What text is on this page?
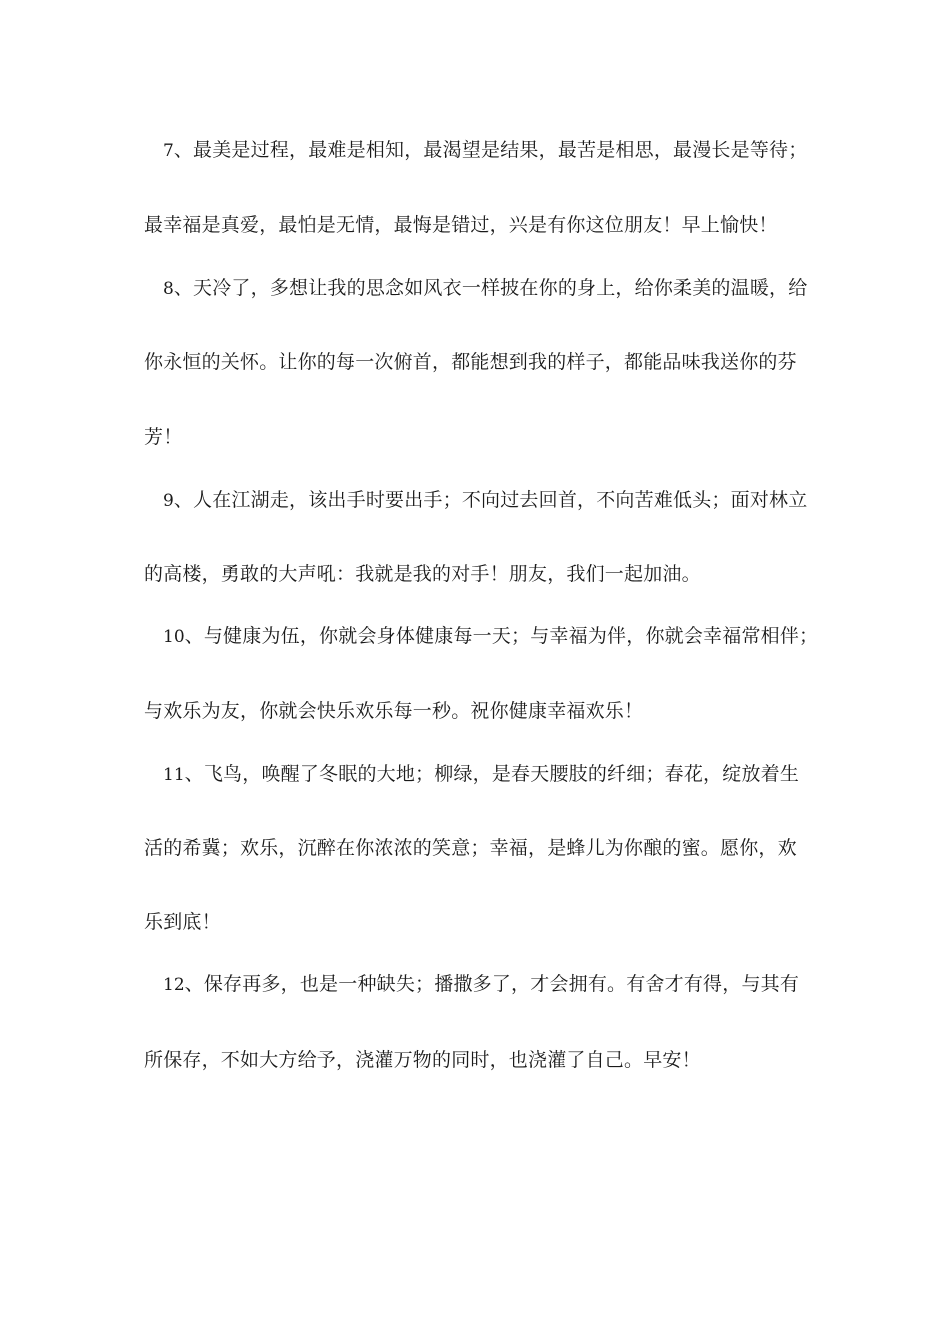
7、最美是过程，最难是相知，最渴望是结果，最苦是相思，最漫长是等待；
最幸福是真爱，最怕是无情，最悔是错过，兴是有你这位朋友！早上愉快！
8、天冷了，多想让我的思念如风衣一样披在你的身上，给你柔美的温暖，给
你永恒的关怀。让你的每一次俯首，都能想到我的样子，都能品味我送你的芬
芳！
9、人在江湖走，该出手时要出手；不向过去回首，不向苦难低头；面对林立
的高楼，勇敢的大声吼：我就是我的对手！朋友，我们一起加油。
10、与健康为伍，你就会身体健康每一天；与幸福为伴，你就会幸福常相伴；
与欢乐为友，你就会快乐欢乐每一秒。祝你健康幸福欢乐！
11、飞鸟，唤醒了冬眠的大地；柳绿，是春天腰肢的纤细；春花，绽放着生
活的希冀；欢乐，沉醉在你浓浓的笑意；幸福，是蜂儿为你酿的蜜。愿你，欢
乐到底！
12、保存再多，也是一种缺失；播撒多了，才会拥有。有舍才有得，与其有
所保存，不如大方给予，浇灌万物的同时，也浇灌了自己。早安！
